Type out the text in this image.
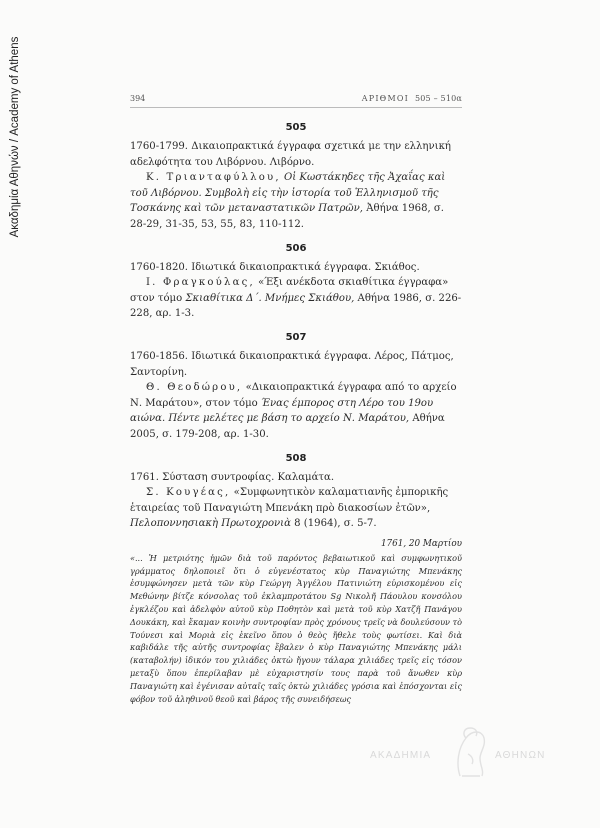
Ακαδημία Αθηνών / Academy of Athens	394	ΑΡΙΘΜΟΙ 505 – 510α
505
1760-1799. Δικαιοπρακτικά έγγραφα σχετικά με την ελληνική αδελφότητα του Λιβόρνου. Λιβόρνο.
Κ. Τριανταφύλλου, Οἱ Κωστάκηδες τῆς Ἀχαΐας καὶ τοῦ Λιβόρνου. Συμβολὴ εἰς τὴν ἱστορία τοῦ Ἑλληνισμοῦ τῆς Τοσκάνης καὶ τῶν μεταναστατικῶν Πατρῶν, Ἀθήνα 1968, σ. 28-29, 31-35, 53, 55, 83, 110-112.
506
1760-1820. Ιδιωτικά δικαιοπρακτικά έγγραφα. Σκιάθος.
Ι. Φραγκούλας, «Έξι ανέκδοτα σκιαθίτικα έγγραφα» στον τόμο Σκιαθίτικα Δ΄. Μνήμες Σκιάθου, Αθήνα 1986, σ. 226-228, αρ. 1-3.
507
1760-1856. Ιδιωτικά δικαιοπρακτικά έγγραφα. Λέρος, Πάτμος, Σαντορίνη.
Θ. Θεοδώρου, «Δικαιοπρακτικά έγγραφα από το αρχείο Ν. Μαράτου», στον τόμο Ένας έμπορος στη Λέρο του 19ου αιώνα. Πέντε μελέτες με βάση το αρχείο Ν. Μαράτου, Αθήνα 2005, σ. 179-208, αρ. 1-30.
508
1761. Σύσταση συντροφίας. Καλαμάτα.
Σ. Κουγέας, «Συμφωνητικὸν καλαματιανῆς ἐμπορικῆς ἑταιρείας τοῦ Παναγιώτη Μπενάκη πρὸ διακοσίων ἐτῶν», Πελοποννησιακὴ Πρωτοχρονιὰ 8 (1964), σ. 5-7.
1761, 20 Μαρτίου
«... Ἡ μετριότης ἡμῶν διὰ τοῦ παρόντος βεβαιωτικοῦ καὶ συμφωνητικοῦ γράμματος δηλοποιεῖ ὅτι ὁ εὐγενέστατος κὺρ Παναγιώτης Μπενάκης ἐσυμφώνησεν μετὰ τῶν κὺρ Γεώργη Ἀγγέλου Πατινιώτη εὑρισκομένου εἰς Μεθώνην βίτζε κόνσολας τοῦ ἐκλαμπροτάτου Sg Νικολῆ Πάουλου κονσόλου ἐγκλέζου καὶ ἀδελφὸν αὐτοῦ κὺρ Ποθητὸν καὶ μετὰ τοῦ κὺρ Χατζῆ Πανάγου Δουκάκη, καὶ ἔκαμαν κοινὴν συντροφίαν πρὸς χρόνους τρεῖς νὰ δουλεύσουν τὸ Τούνεσι καὶ Μοριὰ εἰς ἐκεῖνο ὅπου ὁ θεὸς ἤθελε τοὺς φωτίσει. Καὶ διὰ καβιδάλε τῆς αὐτῆς συντροφίας ἔβαλεν ὁ κὺρ Παναγιώτης Μπενάκης μάλι (καταβολήν) ἰδικόν του χιλιάδες ὀκτὼ ἤγουν τάλαρα χιλιάδες τρεῖς εἰς τόσον μεταξὺ ὅπου ἐπερίλαβαν μὲ εὐχαριστησίν τους παρὰ τοῦ ἄνωθεν κὺρ Παναγιώτη καὶ ἐγένισαν αὐταῖς ταῖς ὀκτὼ χιλιάδες γρόσια καὶ ἐπόσχονται εἰς φόβον τοῦ ἀληθινοῦ θεοῦ καὶ βάρος τῆς συνειδήσεως
ΑΚΑΔΗΜΙΑ	ΑΘΗΝΩΝ
